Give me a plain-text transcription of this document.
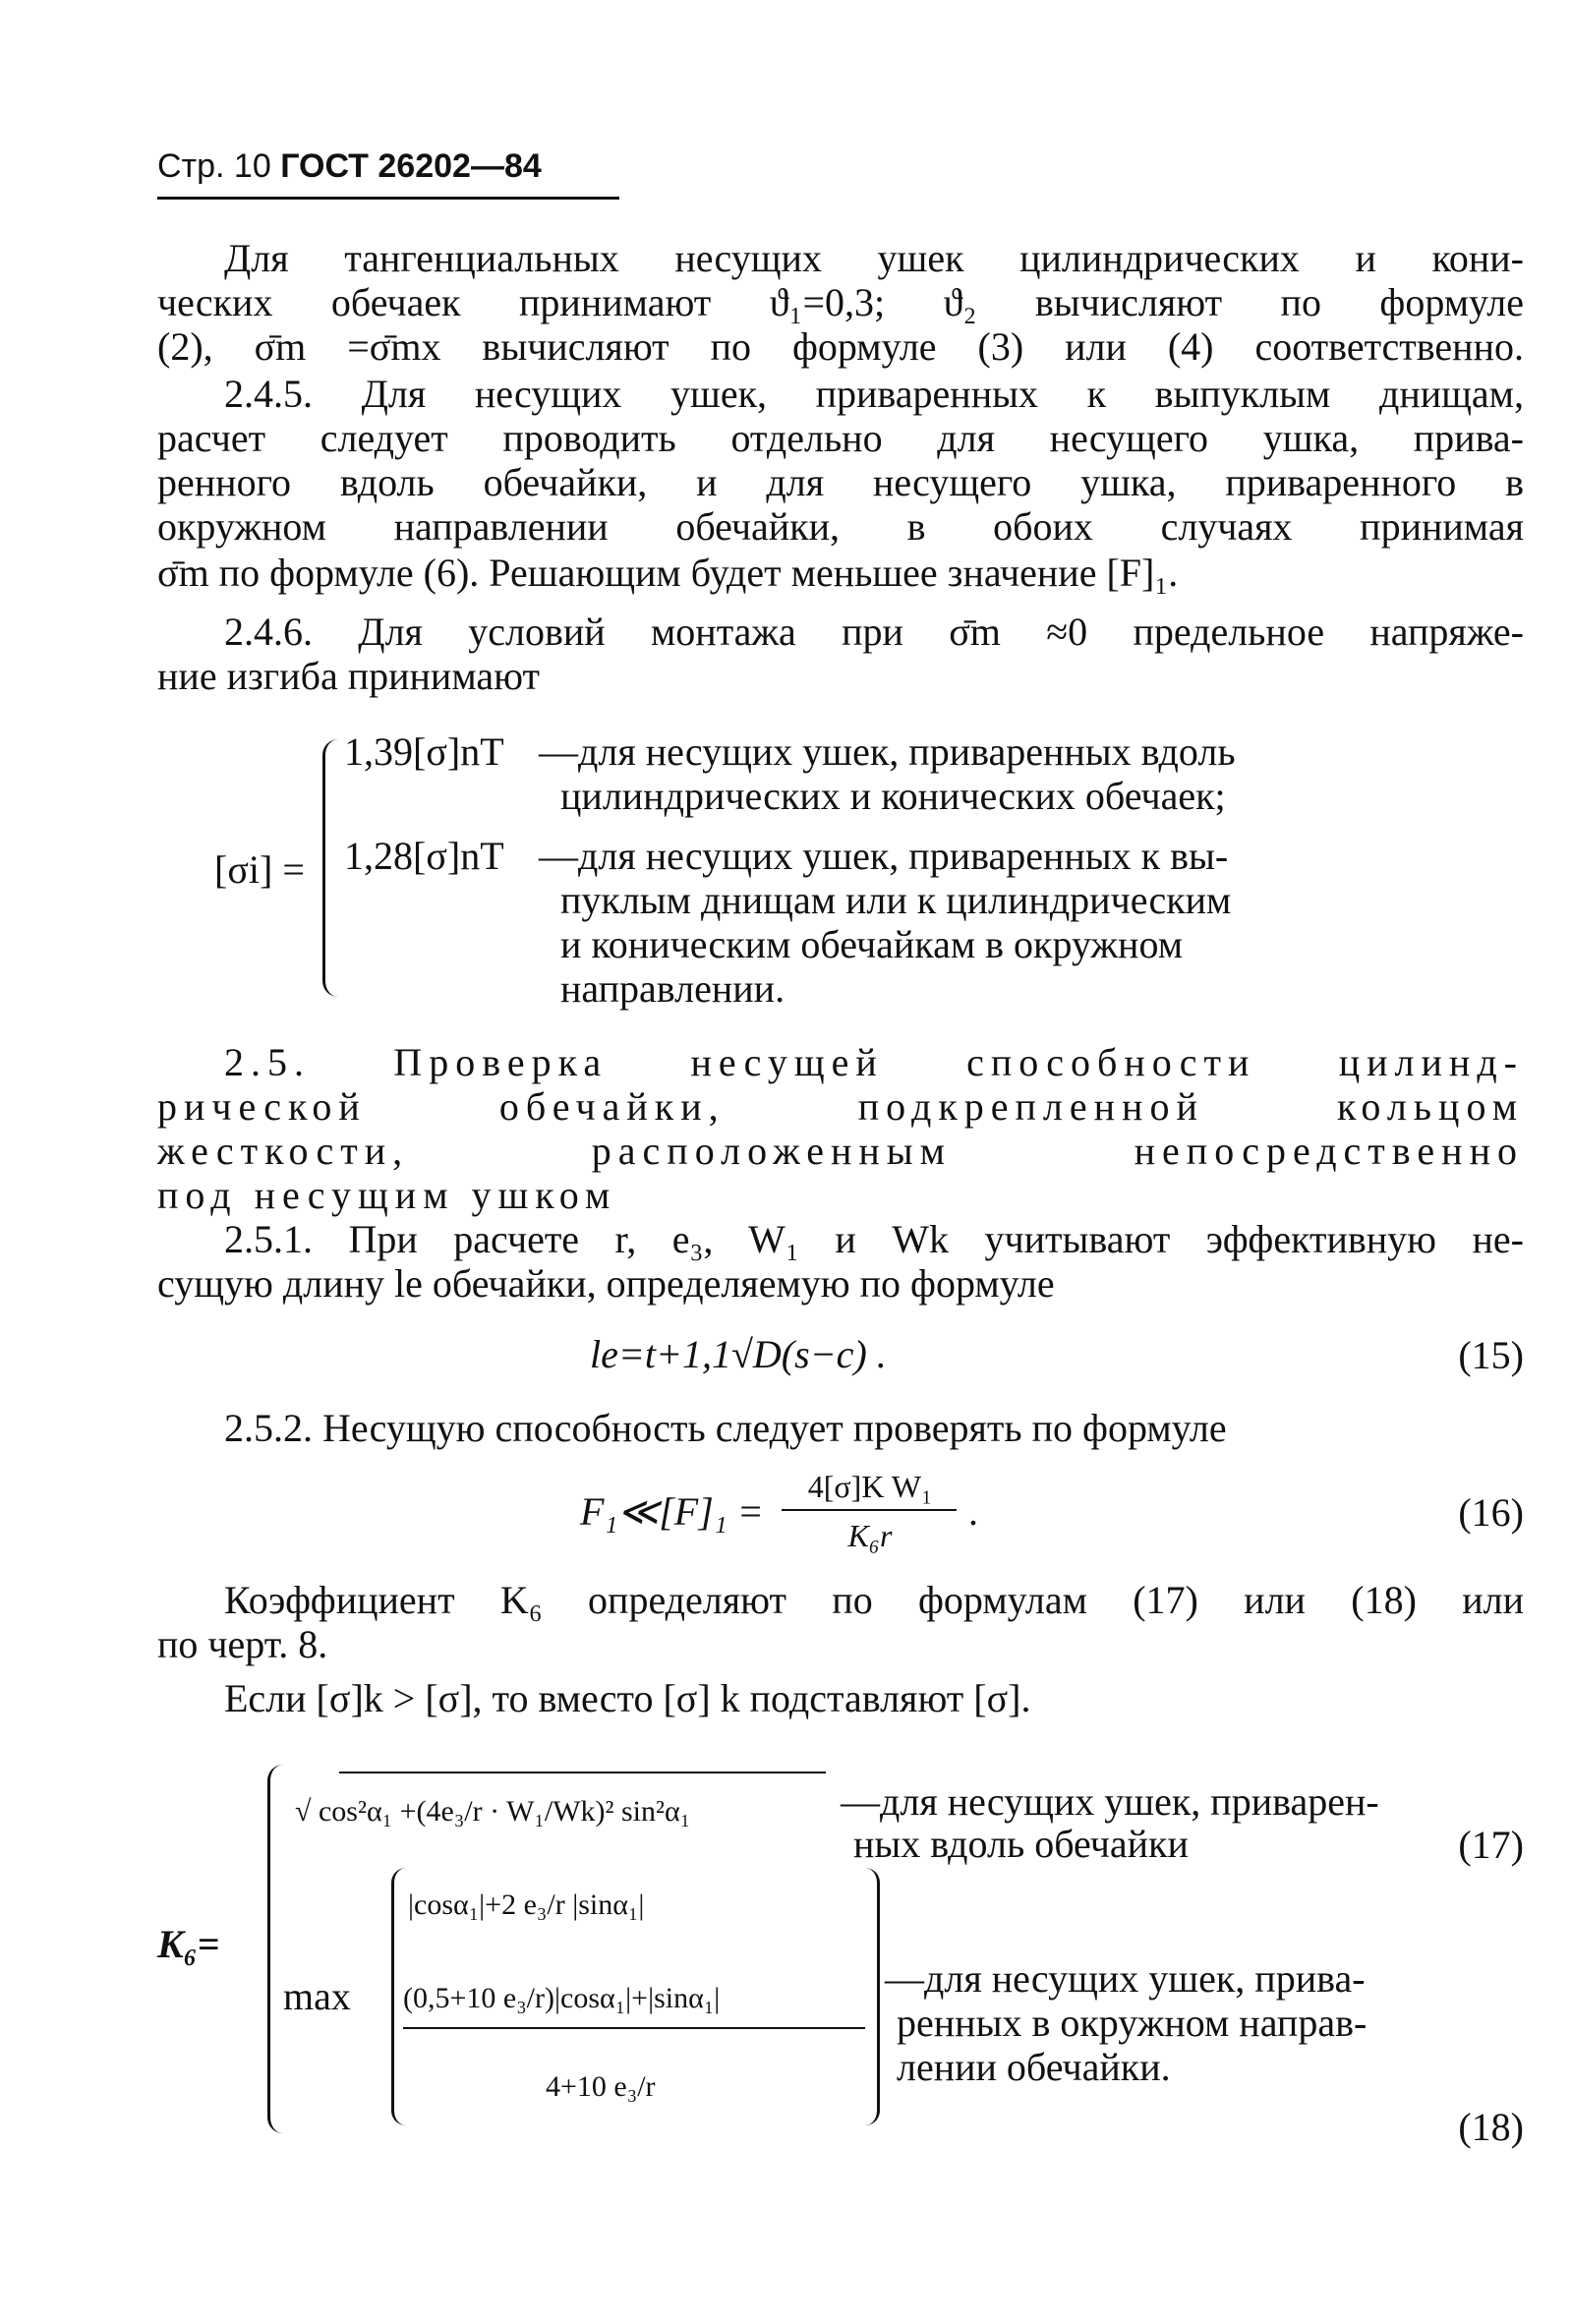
Стр. 10 ГОСТ 26202—84
Для тангенциальных несущих ушек цилиндрических и кони-
ческих обечаек принимают ϑ₁=0,3; ϑ₂ вычисляют по формуле
(2), σ̄m =σ̄mx вычисляют по формуле (3) или (4) соответственно.
2.4.5. Для несущих ушек, приваренных к выпуклым днищам,
расчет следует проводить отдельно для несущего ушка, прива-
ренного вдоль обечайки, и для несущего ушка, приваренного в
окружном направлении обечайки, в обоих случаях принимая
σ̄m по формуле (6). Решающим будет меньшее значение [F]₁.
2.4.6. Для условий монтажа при σ̄m ≈0 предельное напряже-
ние изгиба принимают
[σi] =
1,39[σ]nT —для несущих ушек, приваренных вдоль
цилиндрических и конических обечаек;
1,28[σ]nT —для несущих ушек, приваренных к вы-
пуклым днищам или к цилиндрическим
и коническим обечайкам в окружном
направлении.
2.5. Проверка несущей способности цилинд-
рической обечайки, подкрепленной кольцом
жесткости, расположенным непосредственно
под несущим ушком
2.5.1. При расчете r, e₃, W₁ и Wk учитывают эффективную не-
сущую длину le обечайки, определяемую по формуле
le=t+1,1√D(s−c) .	(15)
2.5.2. Несущую способность следует проверять по формуле
F₁≪[F]₁ =
4[σ]K W₁
K₆r
.	(16)
Коэффициент K₆ определяют по формулам (17) или (18) или
по черт. 8.
Если [σ]k > [σ], то вместо [σ] k подставляют [σ].
K₆=
√ cos²α₁ +(4e₃/r · W₁/Wk)² sin²α₁	—для несущих ушек, приварен-
ных вдоль обечайки	(17)
max
|cosα₁|+2 e₃/r |sinα₁|
(0,5+10 e₃/r)|cosα₁|+|sinα₁|
4+10 e₃/r
—для несущих ушек, прива-
ренных в окружном направ-
лении обечайки.
(18)
